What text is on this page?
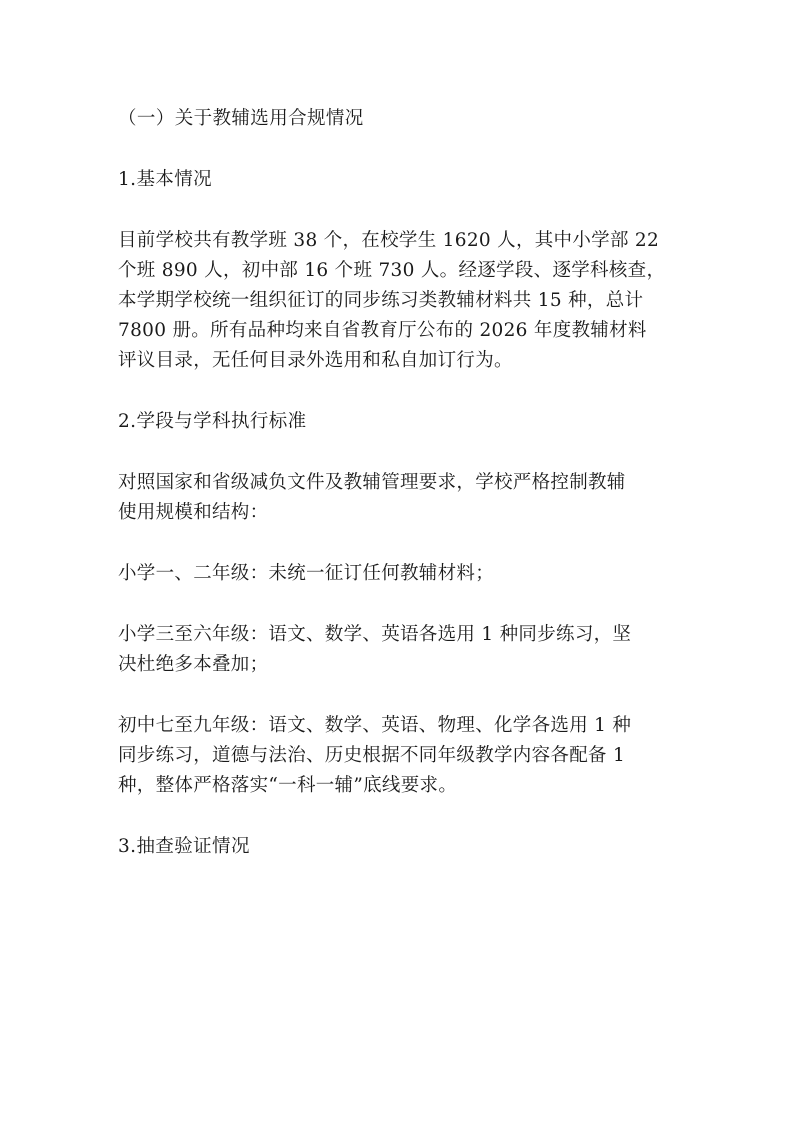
（一）关于教辅选用合规情况

1.基本情况

目前学校共有教学班 38 个，在校学生 1620 人，其中小学部 22

个班 890 人，初中部 16 个班 730 人。经逐学段、逐学科核查，

本学期学校统一组织征订的同步练习类教辅材料共 15 种，总计

7800 册。所有品种均来自省教育厅公布的 2026 年度教辅材料

评议目录，无任何目录外选用和私自加订行为。

2.学段与学科执行标准

对照国家和省级减负文件及教辅管理要求，学校严格控制教辅

使用规模和结构：

小学一、二年级：未统一征订任何教辅材料；

小学三至六年级：语文、数学、英语各选用 1 种同步练习，坚

决杜绝多本叠加；

初中七至九年级：语文、数学、英语、物理、化学各选用 1 种

同步练习，道德与法治、历史根据不同年级教学内容各配备 1

种，整体严格落实“一科一辅”底线要求。

3.抽查验证情况
